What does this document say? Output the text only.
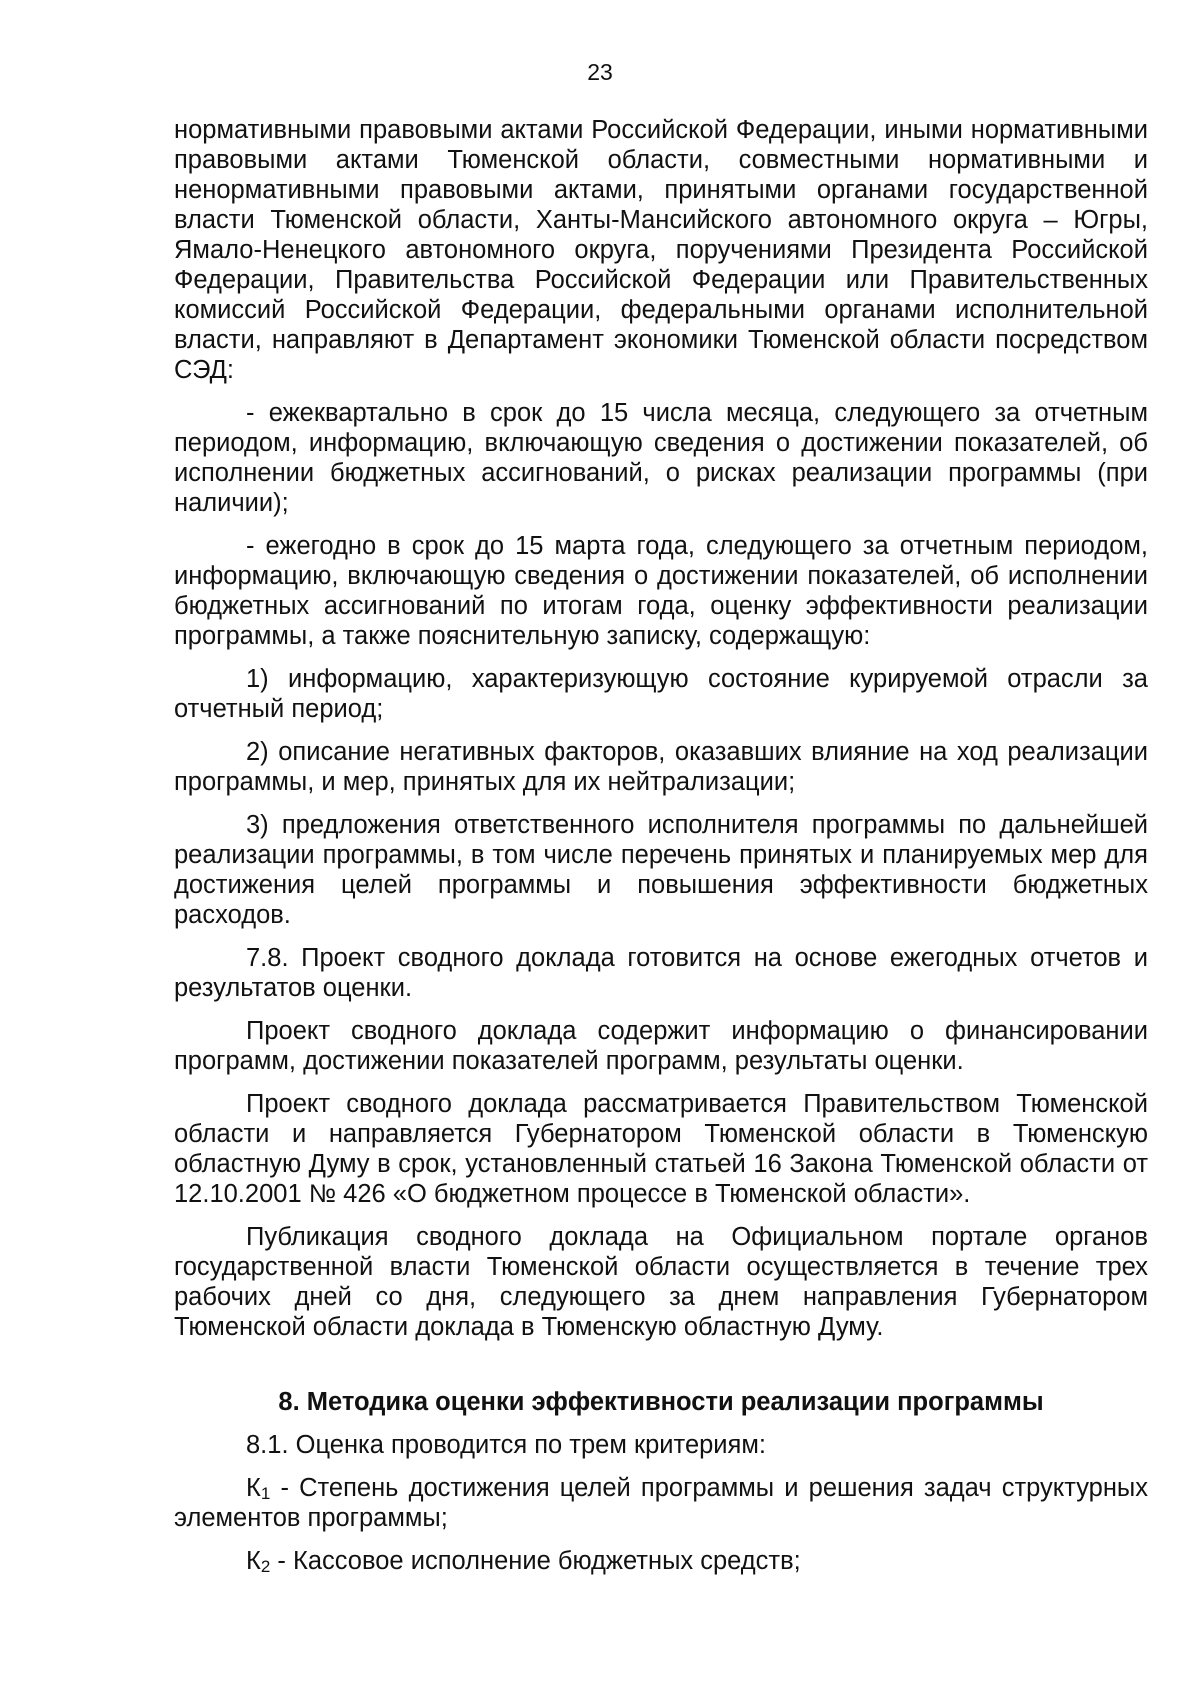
23

нормативными правовыми актами Российской Федерации, иными нормативными правовыми актами Тюменской области, совместными нормативными и ненормативными правовыми актами, принятыми органами государственной власти Тюменской области, Ханты-Мансийского автономного округа – Югры, Ямало-Ненецкого автономного округа, поручениями Президента Российской Федерации, Правительства Российской Федерации или Правительственных комиссий Российской Федерации, федеральными органами исполнительной власти, направляют в Департамент экономики Тюменской области посредством СЭД:

- ежеквартально в срок до 15 числа месяца, следующего за отчетным периодом, информацию, включающую сведения о достижении показателей, об исполнении бюджетных ассигнований, о рисках реализации программы (при наличии);

- ежегодно в срок до 15 марта года, следующего за отчетным периодом, информацию, включающую сведения о достижении показателей, об исполнении бюджетных ассигнований по итогам года, оценку эффективности реализации программы, а также пояснительную записку, содержащую:

1) информацию, характеризующую состояние курируемой отрасли за отчетный период;

2) описание негативных факторов, оказавших влияние на ход реализации программы, и мер, принятых для их нейтрализации;

3) предложения ответственного исполнителя программы по дальнейшей реализации программы, в том числе перечень принятых и планируемых мер для достижения целей программы и повышения эффективности бюджетных расходов.

7.8. Проект сводного доклада готовится на основе ежегодных отчетов и результатов оценки.

Проект сводного доклада содержит информацию о финансировании программ, достижении показателей программ, результаты оценки.

Проект сводного доклада рассматривается Правительством Тюменской области и направляется Губернатором Тюменской области в Тюменскую областную Думу в срок, установленный статьей 16 Закона Тюменской области от 12.10.2001 № 426 «О бюджетном процессе в Тюменской области».

Публикация сводного доклада на Официальном портале органов государственной власти Тюменской области осуществляется в течение трех рабочих дней со дня, следующего за днем направления Губернатором Тюменской области доклада в Тюменскую областную Думу.

8. Методика оценки эффективности реализации программы

8.1. Оценка проводится по трем критериям:

$К_1$ - Степень достижения целей программы и решения задач структурных элементов программы;

$К_2$ - Кассовое исполнение бюджетных средств;
